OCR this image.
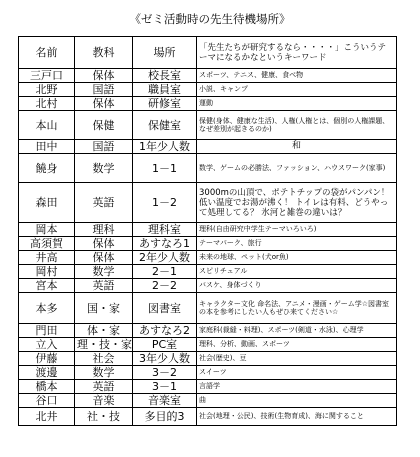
《ゼミ活動時の先生待機場所》
名前	教科	場所	「先生たちが研究するなら・・・・」こういうテーマになるかなというキーワード
三戸口	保体	校長室	スポーツ、テニス、健康、食べ物
北野	国語	職員室	小説、キャンプ
北村	保体	研修室	運動
本山	保健	保健室	保健(身体、健康な生活)、人権(人権とは、個別の人権課題、なぜ差別が起きるのか)
田中	国語	1年少人数	和
饒身	数学	1－1	数学、ゲームの必勝法、ファッション、ハウスワーク(家事)
森田	英語	1－2	3000mの山頂で、ポテトチップの袋がパンパン！低い温度でお湯が沸く！ トイレは有料、どうやって処理してる？ 氷河と雑巻の違いは？
岡本	理科	理科室	理科(自由研究中学生テーマいろいろ)
高須賀	保体	あすなろ1	テーマパーク、旅行
井高	保体	2年少人数	未来の地球、ペット(犬or魚)
岡村	数学	2－1	スピリチュアル
宮本	英語	2－2	バスケ、身体づくり
本多	国・家	図書室	キャラクター文化 命名法、アニメ・漫画・ゲーム学☆図書室の本を参考にしたい人もぜひ来てください☆
門田	体・家	あすなろ2	家庭科(裁縫・料理)、スポーツ(剣道・水泳)、心理学
立入	理・技・家	PC室	理科、分析、動画、スポーツ
伊藤	社会	3年少人数	社会(歴史)、豆
渡邊	数学	3－2	スイーツ
橋本	英語	3－1	言語学
谷口	音楽	音楽室	曲
北井	社・技	多目的3	社会(地理・公民)、技術(生物育成)、海に関すること
